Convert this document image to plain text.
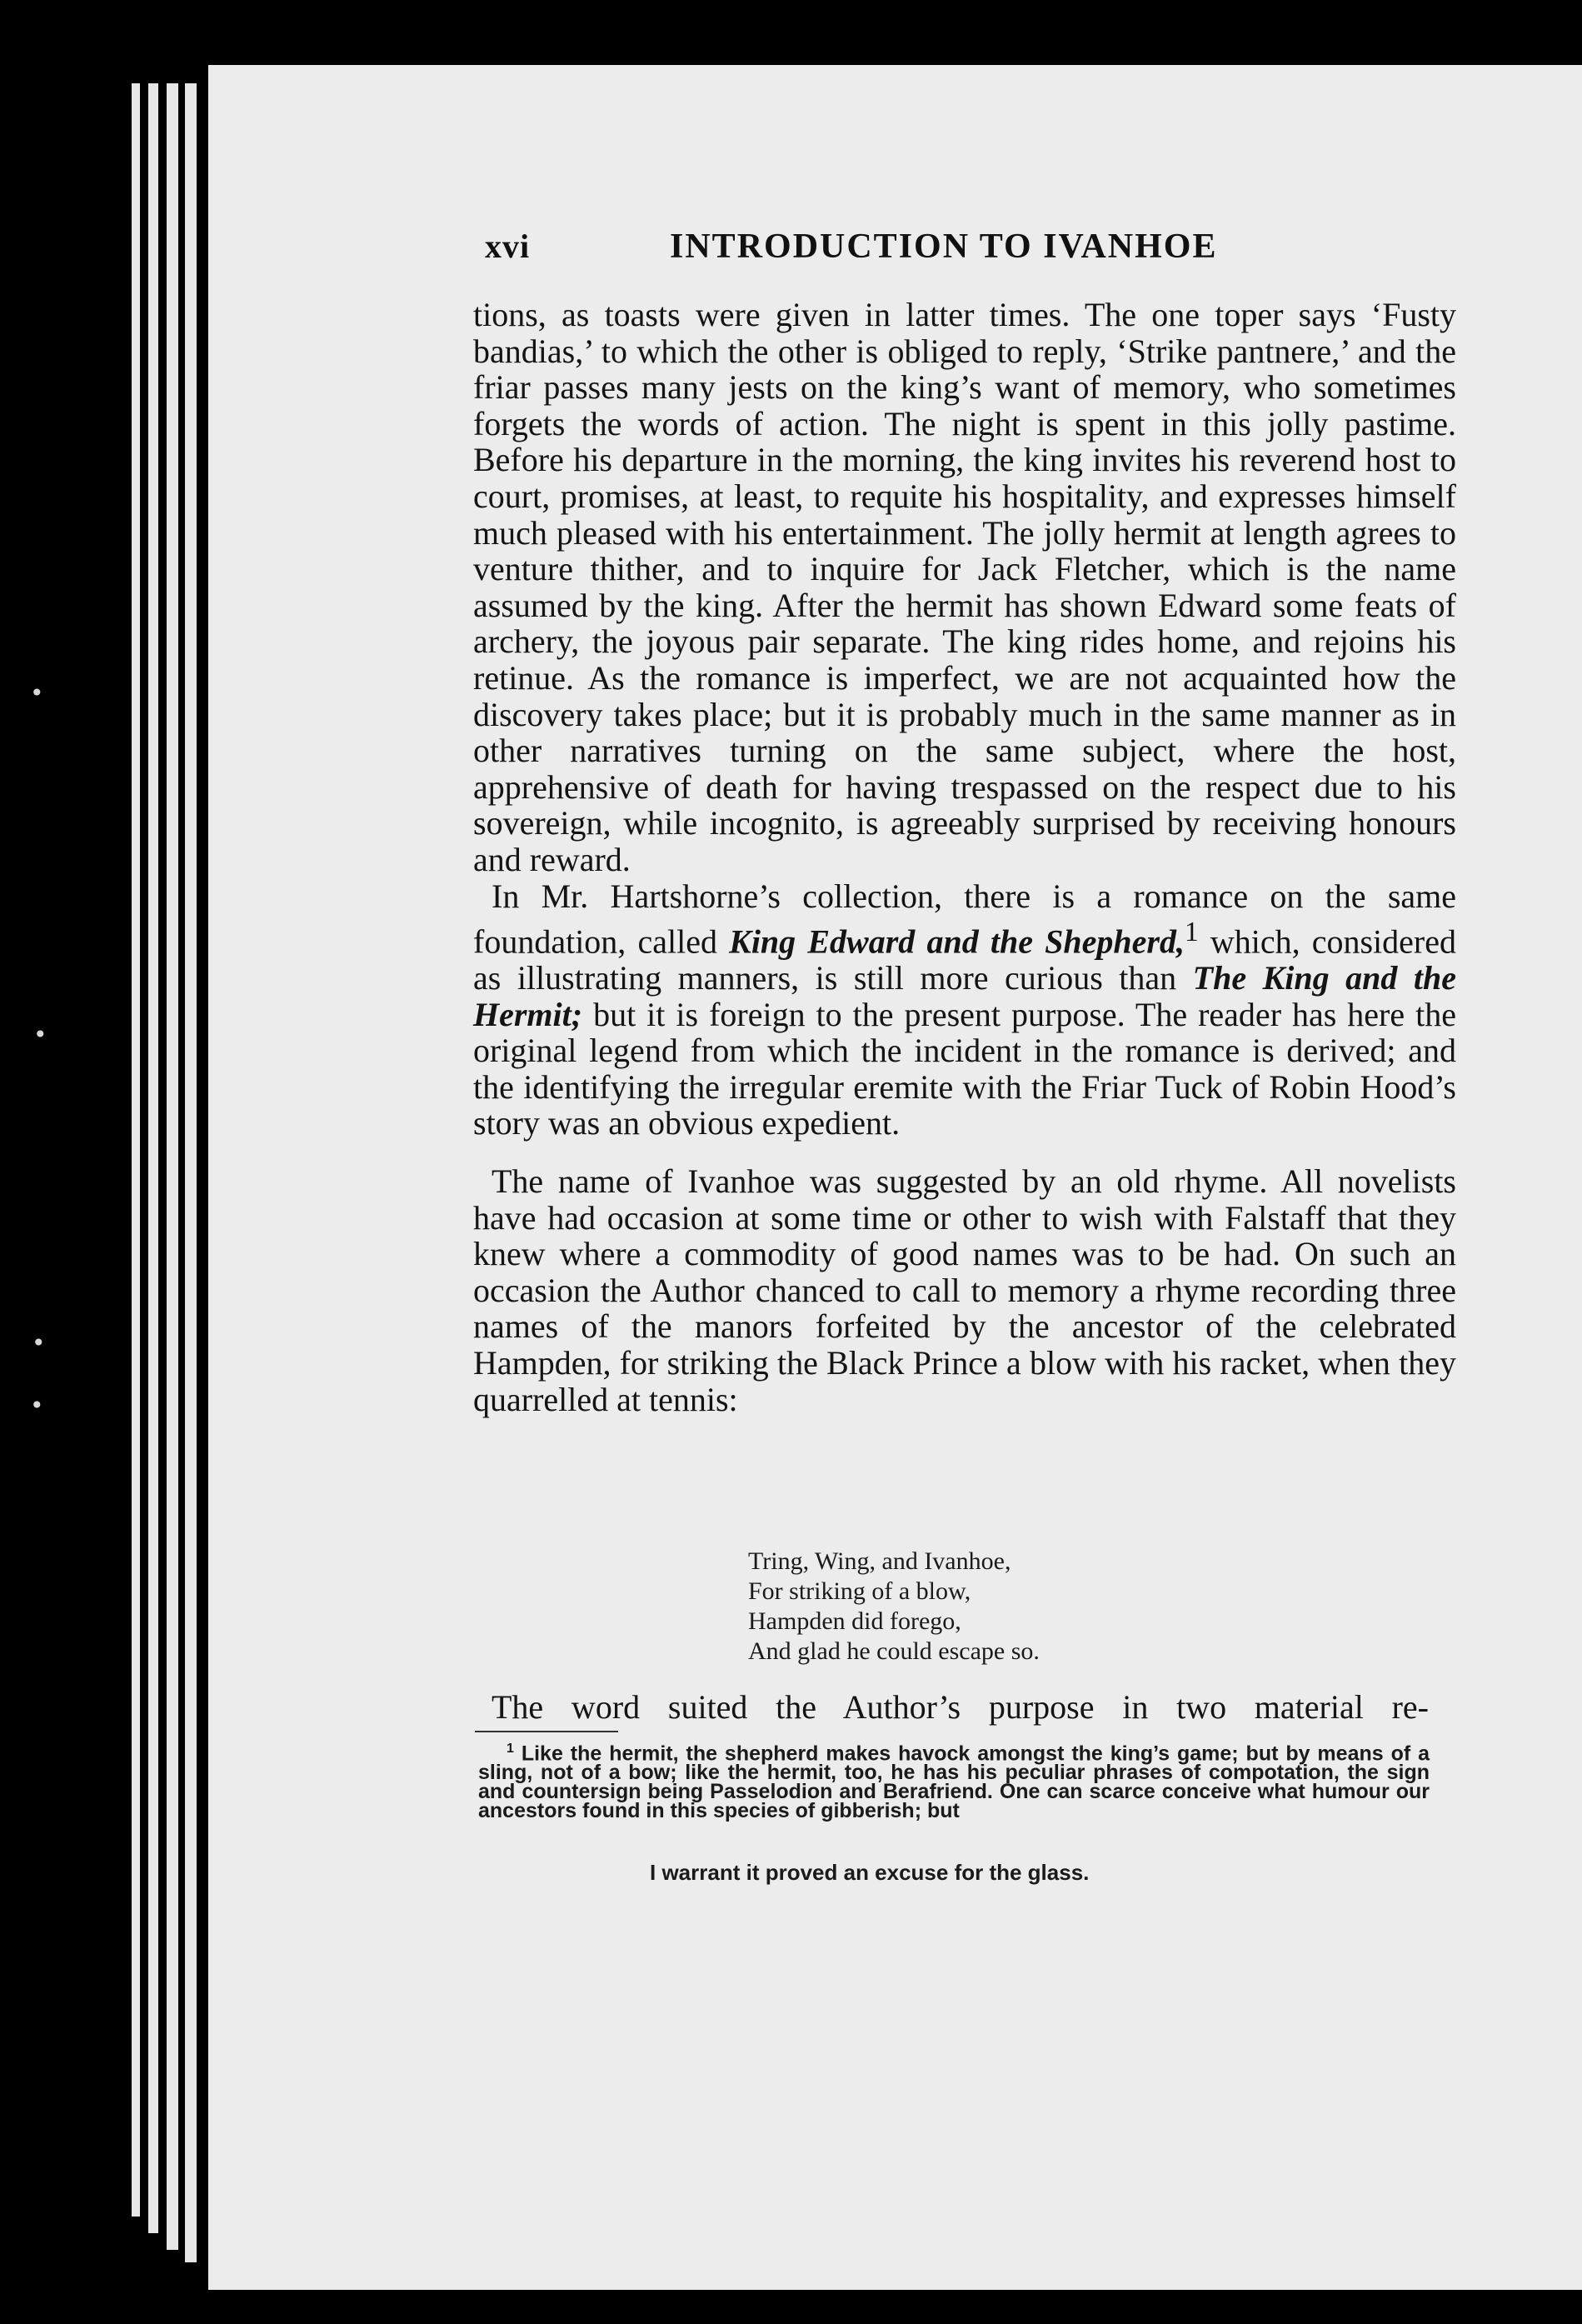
•
•
•
•
xvi	INTRODUCTION TO IVANHOE

tions, as toasts were given in latter times. The one toper says ‘Fusty bandias,’ to which the other is obliged to reply, ‘Strike pantnere,’ and the friar passes many jests on the king’s want of memory, who sometimes forgets the words of action. The night is spent in this jolly pastime. Before his departure in the morning, the king invites his reverend host to court, promises, at least, to requite his hospitality, and expresses himself much pleased with his entertainment. The jolly hermit at length agrees to venture thither, and to inquire for Jack Fletcher, which is the name assumed by the king. After the hermit has shown Edward some feats of archery, the joyous pair separate. The king rides home, and rejoins his retinue. As the romance is imperfect, we are not acquainted how the discovery takes place; but it is probably much in the same manner as in other narratives turning on the same subject, where the host, apprehensive of death for having trespassed on the respect due to his sovereign, while incognito, is agreeably surprised by receiving honours and reward.

In Mr. Hartshorne’s collection, there is a romance on the same foundation, called King Edward and the Shepherd,$^1$ which, considered as illustrating manners, is still more curious than The King and the Hermit; but it is foreign to the present purpose. The reader has here the original legend from which the incident in the romance is derived; and the identifying the irregular eremite with the Friar Tuck of Robin Hood’s story was an obvious expedient.

The name of Ivanhoe was suggested by an old rhyme. All novelists have had occasion at some time or other to wish with Falstaff that they knew where a commodity of good names was to be had. On such an occasion the Author chanced to call to memory a rhyme recording three names of the manors forfeited by the ancestor of the celebrated Hampden, for striking the Black Prince a blow with his racket, when they quarrelled at tennis:

Tring, Wing, and Ivanhoe,
For striking of a blow,
Hampden did forego,
And glad he could escape so.
The word suited the Author’s purpose in two material re-

$^1$ Like the hermit, the shepherd makes havock amongst the king’s game; but by means of a sling, not of a bow; like the hermit, too, he has his peculiar phrases of compotation, the sign and countersign being Passelodion and Berafriend. One can scarce conceive what humour our ancestors found in this species of gibberish; but

I warrant it proved an excuse for the glass.
